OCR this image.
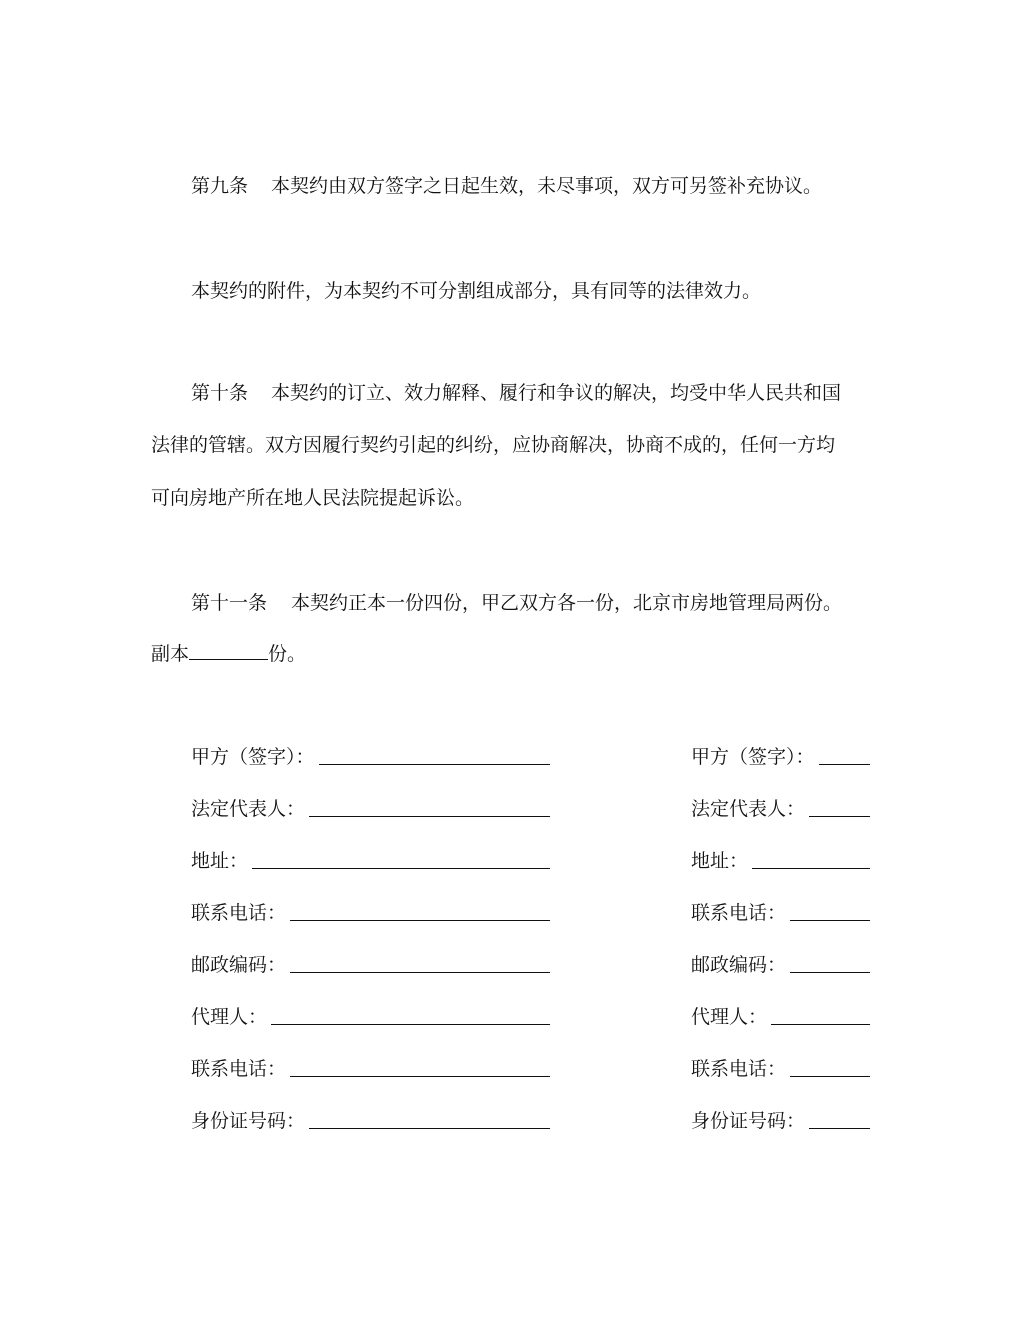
第九条 本契约由双方签字之日起生效，未尽事项，双方可另签补充协议。
本契约的附件，为本契约不可分割组成部分，具有同等的法律效力。
第十条 本契约的订立、效力解释、履行和争议的解决，均受中华人民共和国
法律的管辖。双方因履行契约引起的纠纷，应协商解决，协商不成的，任何一方均
可向房地产所在地人民法院提起诉讼。
第十一条 本契约正本一份四份，甲乙双方各一份，北京市房地管理局两份。
副本	份。
甲方（签字）：
法定代表人：
地址：
联系电话：
邮政编码：
代理人：
联系电话：
身份证号码：
甲方（签字）：
法定代表人：
地址：
联系电话：
邮政编码：
代理人：
联系电话：
身份证号码：
